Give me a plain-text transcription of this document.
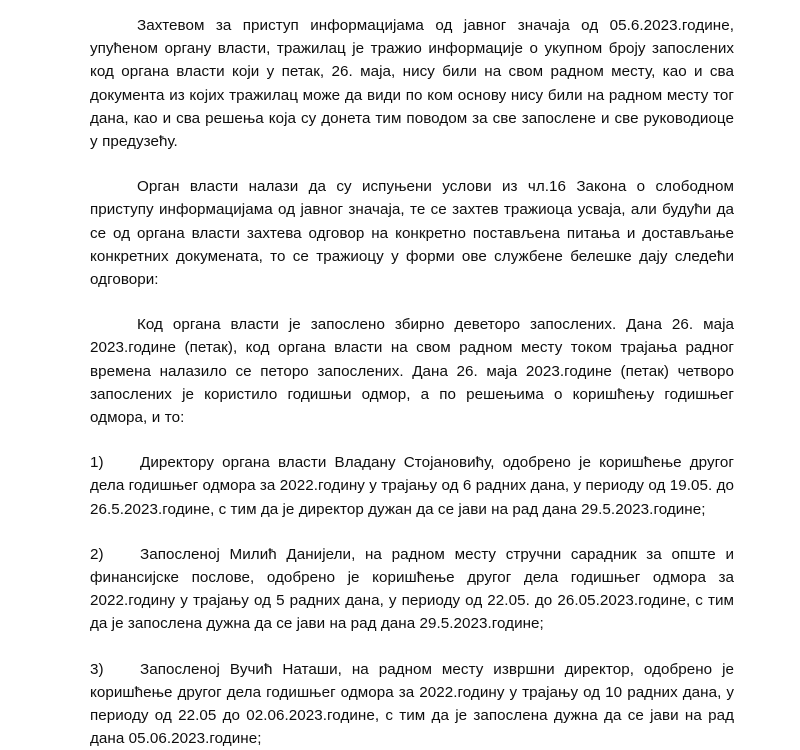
Захтевом за приступ информацијама од јавног значаја од 05.6.2023.године, упућеном органу власти, тражилац је тражио информације о укупном броју запослених код органа власти који у петак, 26. маја, нису били на свом радном месту, као и сва документа из којих тражилац може да види по ком основу нису били на радном месту тог дана, као и сва решења која су донета тим поводом за све запослене и све руководиоце у предузећу.

Орган власти налази да су испуњени услови из чл.16 Закона о слободном приступу информацијама од јавног значаја, те се захтев тражиоца усваја, али будући да се од органа власти захтева одговор на конкретно постављена питања и достављање конкретних докумената, то се тражиоцу у форми ове службене белешке дају следећи одговори:

Код органа власти је запослено збирно деветоро запослених. Дана 26. маја 2023.године (петак), код органа власти на свом радном месту током трајања радног времена налазило се петоро запослених. Дана 26. маја 2023.године (петак) четворо запослених је користило годишњи одмор, а по решењима о коришћењу годишњег одмора, и то:

1) Директору органа власти Владану Стојановићу, одобрено је коришћење другог дела годишњег одмора за 2022.годину у трајању од 6 радних дана, у периоду од 19.05. до 26.5.2023.године, с тим да је директор дужан да се јави на рад дана 29.5.2023.године;

2) Запосленој Милић Данијели, на радном месту стручни сарадник за опште и финансијске послове, одобрено је коришћење другог дела годишњег одмора за 2022.годину у трајању од 5 радних дана, у периоду од 22.05. до 26.05.2023.године, с тим да је запослена дужна да се јави на рад дана 29.5.2023.године;

3) Запосленој Вучић Наташи, на радном месту извршни директор, одобрено је коришћење другог дела годишњег одмора за 2022.годину у трајању од 10 радних дана, у периоду од 22.05 до 02.06.2023.године, с тим да је запослена дужна да се јави на рад дана 05.06.2023.године;
